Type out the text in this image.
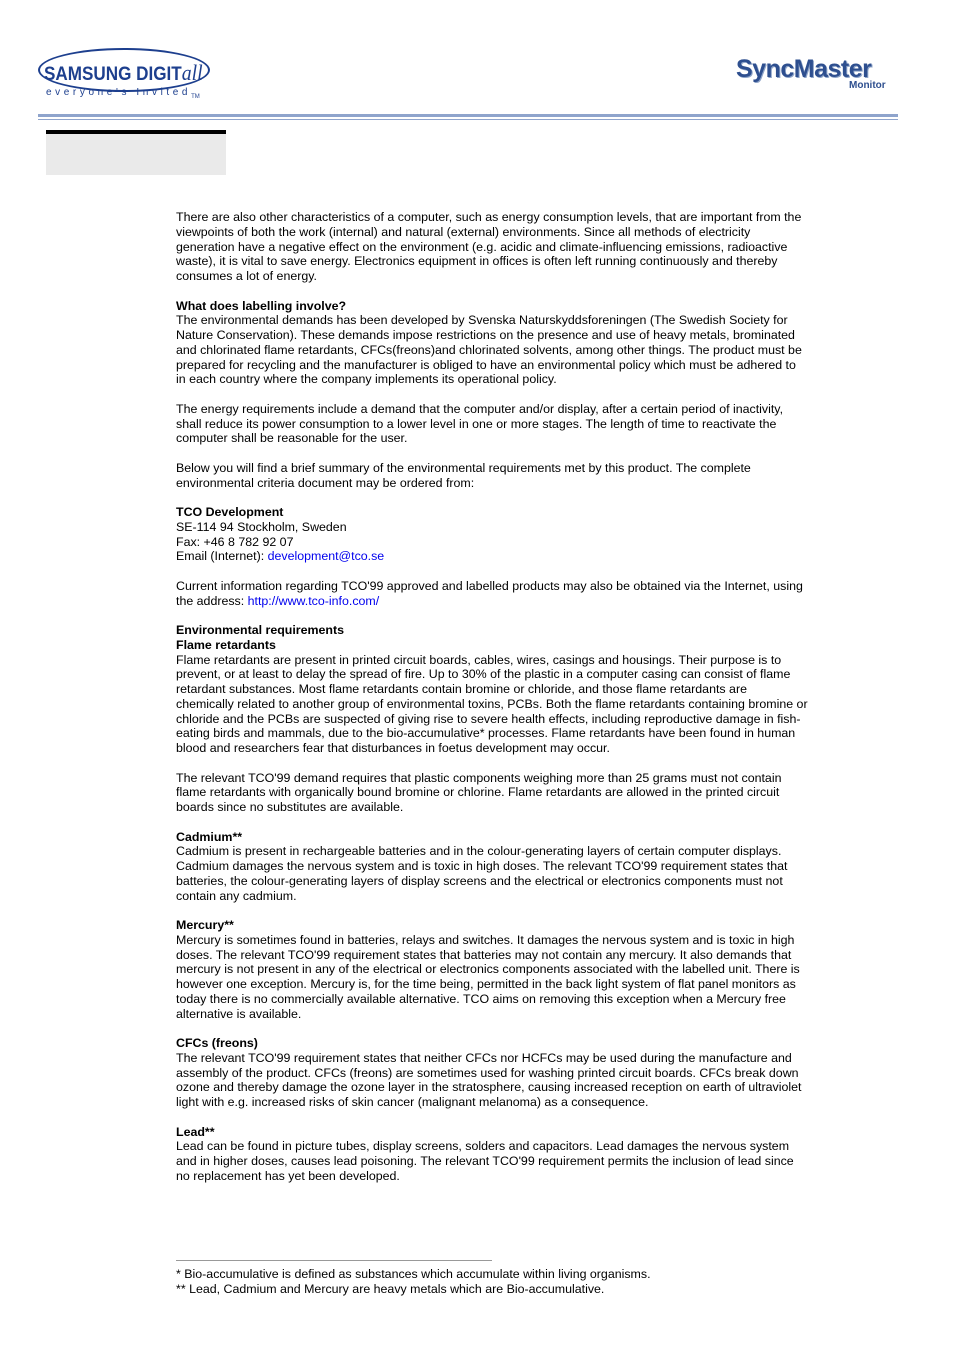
SAMSUNG DIGITall
everyone's Invited$_{TM}$
SyncMaster
Monitor

There are also other characteristics of a computer, such as energy consumption levels, that are important from the viewpoints of both the work (internal) and natural (external) environments. Since all methods of electricity generation have a negative effect on the environment (e.g. acidic and climate-influencing emissions, radioactive waste), it is vital to save energy. Electronics equipment in offices is often left running continuously and thereby consumes a lot of energy.

What does labelling involve?
The environmental demands has been developed by Svenska Naturskyddsforeningen (The Swedish Society for Nature Conservation). These demands impose restrictions on the presence and use of heavy metals, brominated and chlorinated flame retardants, CFCs(freons)and chlorinated solvents, among other things. The product must be prepared for recycling and the manufacturer is obliged to have an environmental policy which must be adhered to in each country where the company implements its operational policy.

The energy requirements include a demand that the computer and/or display, after a certain period of inactivity, shall reduce its power consumption to a lower level in one or more stages. The length of time to reactivate the computer shall be reasonable for the user.

Below you will find a brief summary of the environmental requirements met by this product. The complete environmental criteria document may be ordered from:

TCO Development
SE-114 94 Stockholm, Sweden
Fax: +46 8 782 92 07
Email (Internet): development@tco.se

Current information regarding TCO'99 approved and labelled products may also be obtained via the Internet, using the address: http://www.tco-info.com/

Environmental requirements
Flame retardants
Flame retardants are present in printed circuit boards, cables, wires, casings and housings. Their purpose is to prevent, or at least to delay the spread of fire. Up to 30% of the plastic in a computer casing can consist of flame retardant substances. Most flame retardants contain bromine or chloride, and those flame retardants are chemically related to another group of environmental toxins, PCBs. Both the flame retardants containing bromine or chloride and the PCBs are suspected of giving rise to severe health effects, including reproductive damage in fish-eating birds and mammals, due to the bio-accumulative* processes. Flame retardants have been found in human blood and researchers fear that disturbances in foetus development may occur.

The relevant TCO'99 demand requires that plastic components weighing more than 25 grams must not contain flame retardants with organically bound bromine or chlorine. Flame retardants are allowed in the printed circuit boards since no substitutes are available.

Cadmium**
Cadmium is present in rechargeable batteries and in the colour-generating layers of certain computer displays. Cadmium damages the nervous system and is toxic in high doses. The relevant TCO'99 requirement states that batteries, the colour-generating layers of display screens and the electrical or electronics components must not contain any cadmium.

Mercury**
Mercury is sometimes found in batteries, relays and switches. It damages the nervous system and is toxic in high doses. The relevant TCO'99 requirement states that batteries may not contain any mercury. It also demands that mercury is not present in any of the electrical or electronics components associated with the labelled unit. There is however one exception. Mercury is, for the time being, permitted in the back light system of flat panel monitors as today there is no commercially available alternative. TCO aims on removing this exception when a Mercury free alternative is available.

CFCs (freons)
The relevant TCO'99 requirement states that neither CFCs nor HCFCs may be used during the manufacture and assembly of the product. CFCs (freons) are sometimes used for washing printed circuit boards. CFCs break down ozone and thereby damage the ozone layer in the stratosphere, causing increased reception on earth of ultraviolet light with e.g. increased risks of skin cancer (malignant melanoma) as a consequence.

Lead**
Lead can be found in picture tubes, display screens, solders and capacitors. Lead damages the nervous system and in higher doses, causes lead poisoning. The relevant TCO'99 requirement permits the inclusion of lead since no replacement has yet been developed.

* Bio-accumulative is defined as substances which accumulate within living organisms.
** Lead, Cadmium and Mercury are heavy metals which are Bio-accumulative.
